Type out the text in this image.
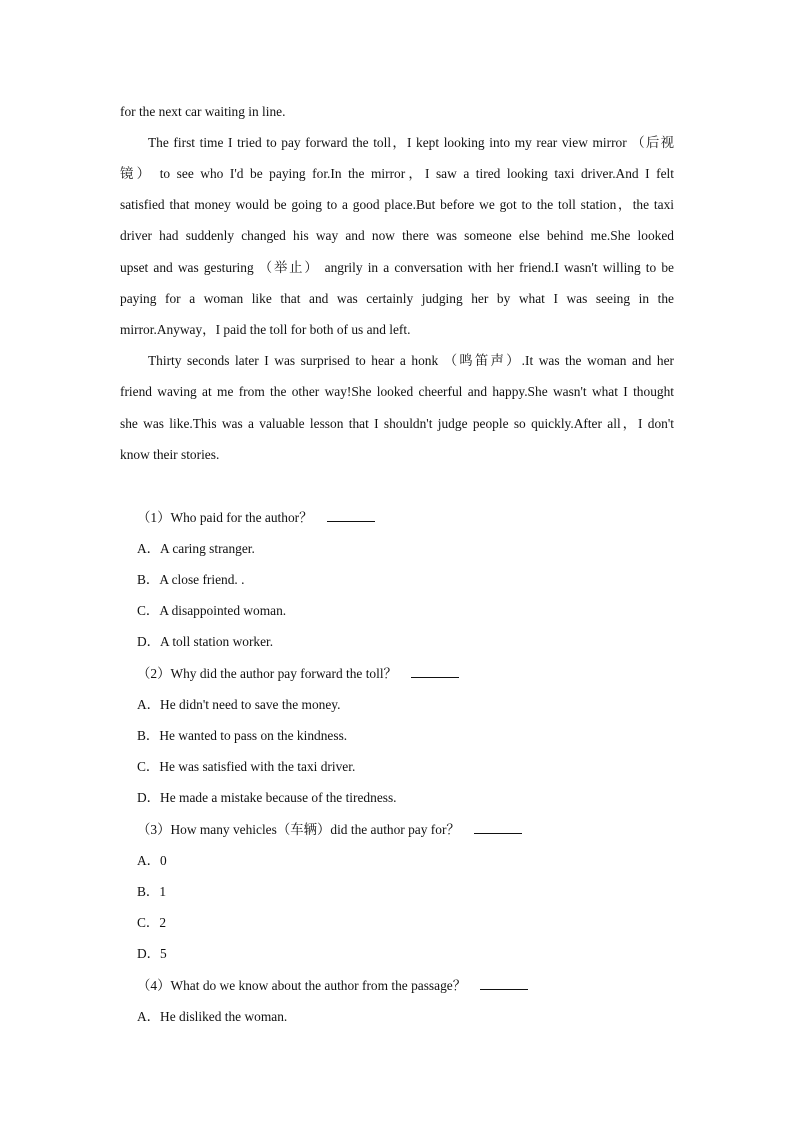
for the next car waiting in line.
The first time I tried to pay forward the toll，I kept looking into my rear view mirror （后视
镜） to see who I'd be paying for.In the mirror，I saw a tired looking taxi driver.And I felt
satisfied that money would be going to a good place.But before we got to the toll station，the taxi
driver had suddenly changed his way and now there was someone else behind me.She looked
upset and was gesturing （举止） angrily in a conversation with her friend.I wasn't willing to be
paying for a woman like that and was certainly judging her by what I was seeing in the
mirror.Anyway，I paid the toll for both of us and left.
Thirty seconds later I was surprised to hear a honk （鸣笛声）.It was the woman and her
friend waving at me from the other way!She looked cheerful and happy.She wasn't what I thought
she was like.This was a valuable lesson that I shouldn't judge people so quickly.After all，I don't
know their stories.
（1）Who paid for the author？
A．A caring stranger.
B．A close friend. .
C．A disappointed woman.
D．A toll station worker.
（2）Why did the author pay forward the toll？
A．He didn't need to save the money.
B．He wanted to pass on the kindness.
C．He was satisfied with the taxi driver.
D．He made a mistake because of the tiredness.
（3）How many vehicles（车辆）did the author pay for？
A．0
B．1
C．2
D．5
（4）What do we know about the author from the passage？
A．He disliked the woman.
